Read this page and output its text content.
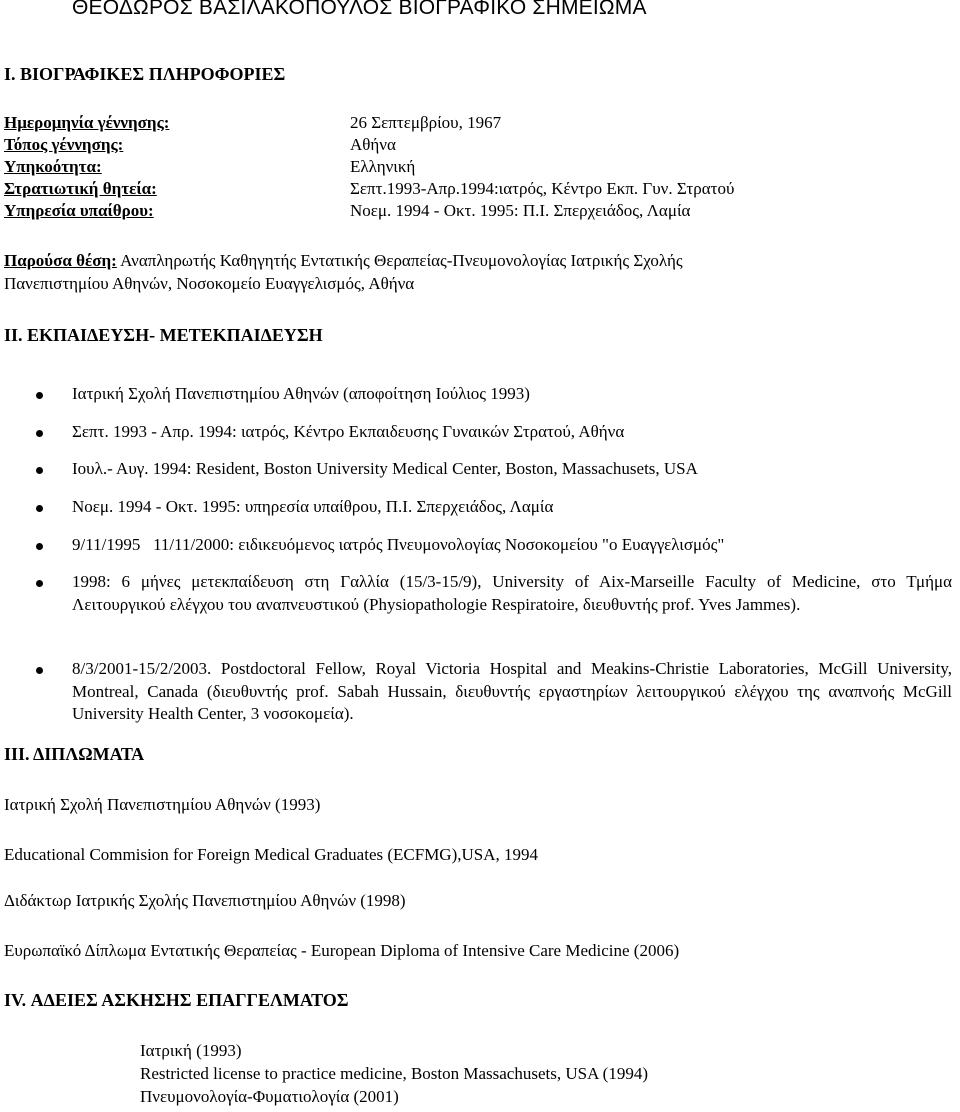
ΘΕΟΔΩΡΟΣ ΒΑΣΙΛΑΚΟΠΟΥΛΟΣ ΒΙΟΓΡΑΦΙΚΟ ΣΗΜΕΙΩΜΑ
Ι. ΒΙΟΓΡΑΦΙΚΕΣ ΠΛΗΡΟΦΟΡΙΕΣ
Ημερομηνία γέννησης:	26 Σεπτεμβρίου, 1967
Τόπος γέννησης:	Αθήνα
Υπηκοότητα:	Ελληνική
Στρατιωτική θητεία:	Σεπτ.1993-Απρ.1994:ιατρός, Κέντρο Εκπ. Γυν. Στρατού
Υπηρεσία υπαίθρου:	Νοεμ. 1994 - Οκτ. 1995: Π.Ι. Σπερχειάδος, Λαμία
Παρούσα θέση: Αναπληρωτής Καθηγητής Εντατικής Θεραπείας-Πνευμονολογίας Ιατρικής Σχολής
Πανεπιστημίου Αθηνών, Νοσοκομείο Ευαγγελισμός, Αθήνα
ΙΙ. ΕΚΠΑΙΔΕΥΣΗ- ΜΕΤΕΚΠΑΙΔΕΥΣΗ
Ιατρική Σχολή Πανεπιστημίου Αθηνών (αποφοίτηση Ιούλιος 1993)
Σεπτ. 1993 - Απρ. 1994: ιατρός, Κέντρο Εκπαιδευσης Γυναικών Στρατού, Αθήνα
Ιουλ.- Αυγ. 1994: Resident, Boston University Medical Center, Boston, Massachusets, USA
Νοεμ. 1994 - Οκτ. 1995: υπηρεσία υπαίθρου, Π.Ι. Σπερχειάδος, Λαμία
9/11/1995   11/11/2000: ειδικευόμενος ιατρός Πνευμονολογίας Νοσοκομείου "ο Ευαγγελισμός"
1998: 6 μήνες μετεκπαίδευση στη Γαλλία (15/3-15/9), University of Aix-Marseille Faculty of Medicine, στο Τμήμα Λειτουργικού ελέγχου του αναπνευστικού (Physiopathologie Respiratoire, διευθυντής prof. Yves Jammes).
8/3/2001-15/2/2003. Postdoctoral Fellow, Royal Victoria Hospital and Meakins-Christie Laboratories, McGill University, Montreal, Canada (διευθυντής prof. Sabah Hussain, διευθυντής εργαστηρίων λειτουργικού ελέγχου της αναπνοής McGill University Health Center, 3 νοσοκομεία).
ΙΙΙ. ΔΙΠΛΩΜΑΤΑ
Ιατρική Σχολή Πανεπιστημίου Αθηνών (1993)
Educational Commision for Foreign Medical Graduates (ECFMG),USA, 1994
Διδάκτωρ Ιατρικής Σχολής Πανεπιστημίου Αθηνών (1998)
Ευρωπαϊκό Δίπλωμα Εντατικής Θεραπείας - European Diploma of Intensive Care Medicine (2006)
IV. ΑΔΕΙΕΣ ΑΣΚΗΣΗΣ ΕΠΑΓΓΕΛΜΑΤΟΣ
Ιατρική (1993)
Restricted license to practice medicine, Boston Massachusets, USA (1994)
Πνευμονολογία-Φυματιολογία (2001)
